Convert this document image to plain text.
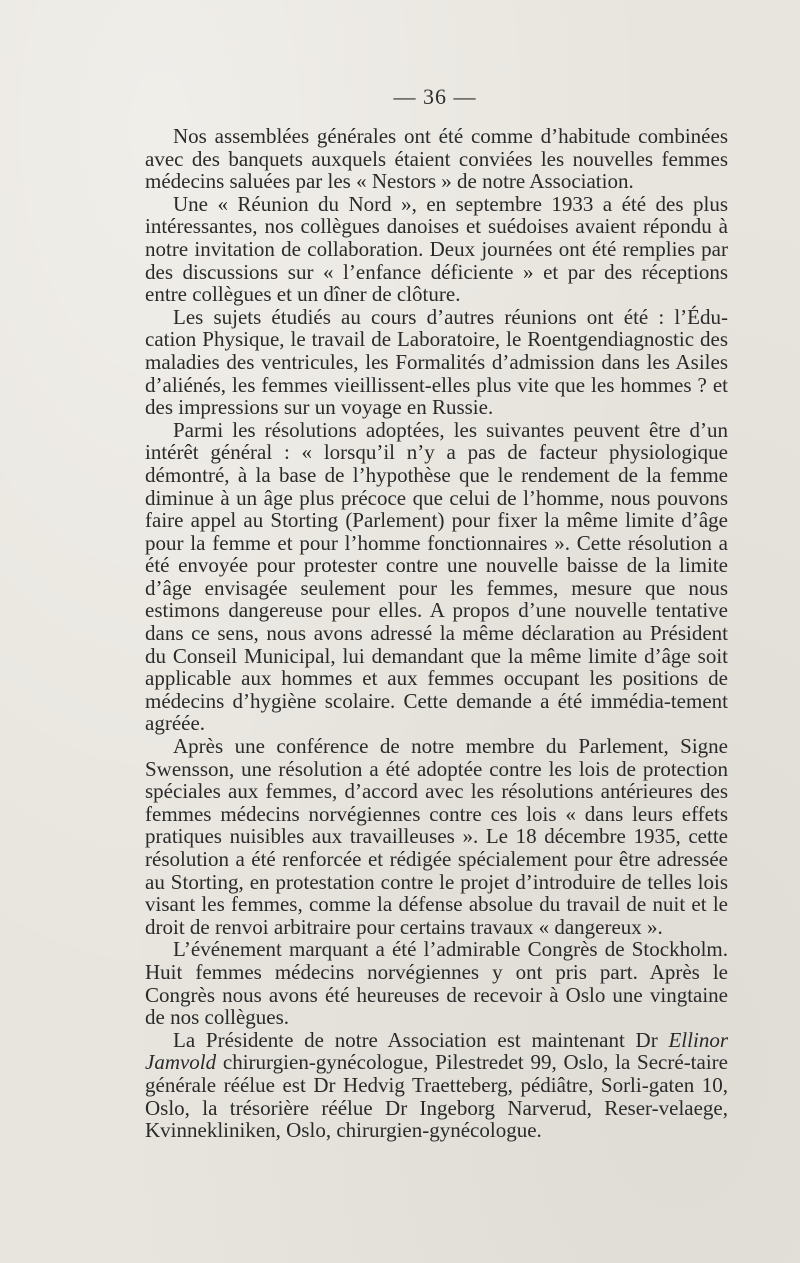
— 36 —

Nos assemblées générales ont été comme d’habitude combinées avec des banquets auxquels étaient conviées les nouvelles femmes médecins saluées par les « Nestors » de notre Association.

Une « Réunion du Nord », en septembre 1933 a été des plus intéressantes, nos collègues danoises et suédoises avaient répondu à notre invitation de collaboration. Deux journées ont été remplies par des discussions sur « l’enfance déficiente » et par des réceptions entre collègues et un dîner de clôture.

Les sujets étudiés au cours d’autres réunions ont été : l’Édu-cation Physique, le travail de Laboratoire, le Roentgendiagnostic des maladies des ventricules, les Formalités d’admission dans les Asiles d’aliénés, les femmes vieillissent-elles plus vite que les hommes ? et des impressions sur un voyage en Russie.

Parmi les résolutions adoptées, les suivantes peuvent être d’un intérêt général : « lorsqu’il n’y a pas de facteur physiologique démontré, à la base de l’hypothèse que le rendement de la femme diminue à un âge plus précoce que celui de l’homme, nous pouvons faire appel au Storting (Parlement) pour fixer la même limite d’âge pour la femme et pour l’homme fonctionnaires ». Cette résolution a été envoyée pour protester contre une nouvelle baisse de la limite d’âge envisagée seulement pour les femmes, mesure que nous estimons dangereuse pour elles. A propos d’une nouvelle tentative dans ce sens, nous avons adressé la même déclaration au Président du Conseil Municipal, lui demandant que la même limite d’âge soit applicable aux hommes et aux femmes occupant les positions de médecins d’hygiène scolaire. Cette demande a été immédia-tement agréée.

Après une conférence de notre membre du Parlement, Signe Swensson, une résolution a été adoptée contre les lois de protection spéciales aux femmes, d’accord avec les résolutions antérieures des femmes médecins norvégiennes contre ces lois « dans leurs effets pratiques nuisibles aux travailleuses ». Le 18 décembre 1935, cette résolution a été renforcée et rédigée spécialement pour être adressée au Storting, en protestation contre le projet d’introduire de telles lois visant les femmes, comme la défense absolue du travail de nuit et le droit de renvoi arbitraire pour certains travaux « dangereux ».

L’événement marquant a été l’admirable Congrès de Stockholm. Huit femmes médecins norvégiennes y ont pris part. Après le Congrès nous avons été heureuses de recevoir à Oslo une vingtaine de nos collègues.

La Présidente de notre Association est maintenant Dr Ellinor Jamvold chirurgien-gynécologue, Pilestredet 99, Oslo, la Secré-taire générale réélue est Dr Hedvig Traetteberg, pédiâtre, Sorli-gaten 10, Oslo, la trésorière réélue Dr Ingeborg Narverud, Reser-velaege, Kvinnekliniken, Oslo, chirurgien-gynécologue.
